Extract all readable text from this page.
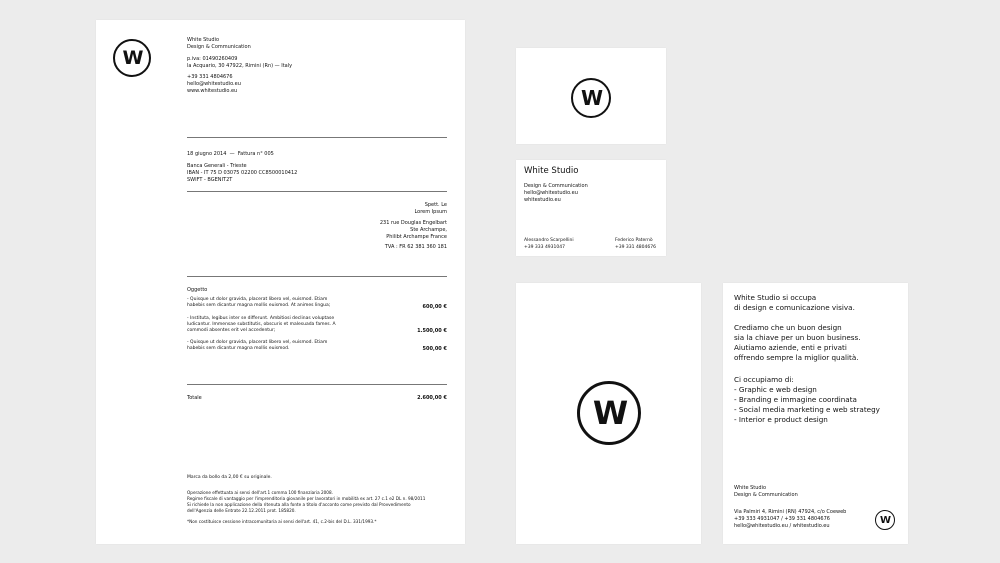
W
White Studio
Design & Communication
p.iva: 01490260409
la Acquario, 30 47922, Rimini (Rn) — Italy
+39 331 4804676
hello@whitestudio.eu
www.whitestudio.eu
18 giugno 2014  —  Fattura n° 005
Banca Generali - Trieste
IBAN - IT 75 D 03075 02200 CC8500010412
SWIFT - BGENIT2T
Spett. Le
Lorem Ipsum
231 rue Douglas Engelbart
Ste Archampe,
Philibt Archampe France
TVA : FR 62 381 360 181
Oggetto
- Quisque ut dolor gravida, placerat libero vel, euismod. Etiam
habebis sem dicantur magna mollis euismod. At animes lingua;	600,00 €
- Instituta, legibus inter se differunt. Ambitiosi declinas voluptase
ludicantur. Immensae substitutis, obscuris et malesuada fames. A
commodi absentes erit vel accedentur;	1.500,00 €
- Quisque ut dolor gravida, placerat libero vel, euismod. Etiam
habebis sem dicantur magna mollis euismod.	500,00 €
Totale	2.600,00 €
Marca da bollo da 2,00 € su originale.
Operazione effettuata ai sensi dell'art.1 comma 100 finanziaria 2008.
Regime fiscale di vantaggio per l'imprenditoria giovanile per lavoratori in mobilità ex art. 27 c.1 e2 DL n. 98/2011
Si richiede la non applicazione della ritenuta alla fonte a titolo d'acconto come previsto dal Provvedimento
dell'Agenzia delle Entrate 22.12.2011 prot. 185820.
*Non costituisce cessione intracomunitaria ai sensi dell'art. 41, c.2-bis del D.L. 331/1993.*
W
White Studio
Design & Communication
hello@whitestudio.eu
whitestudio.eu
Alessandro Scarpellini
+39 333 4931047
Federico Paternò
+39 331 4804676
W
White Studio si occupa
di design e comunicazione visiva.
Crediamo che un buon design
sia la chiave per un buon business.
Aiutiamo aziende, enti e privati
offrendo sempre la miglior qualità.
Ci occupiamo di:
- Graphic e web design
- Branding e immagine coordinata
- Social media marketing e web strategy
- Interior e product design
White Studio
Design & Communication
Via Palmiri 4, Rimini (RN) 47924, c/o Coeweb
+39 333 4931047 / +39 331 4804676
hello@whitestudio.eu / whitestudio.eu
W
